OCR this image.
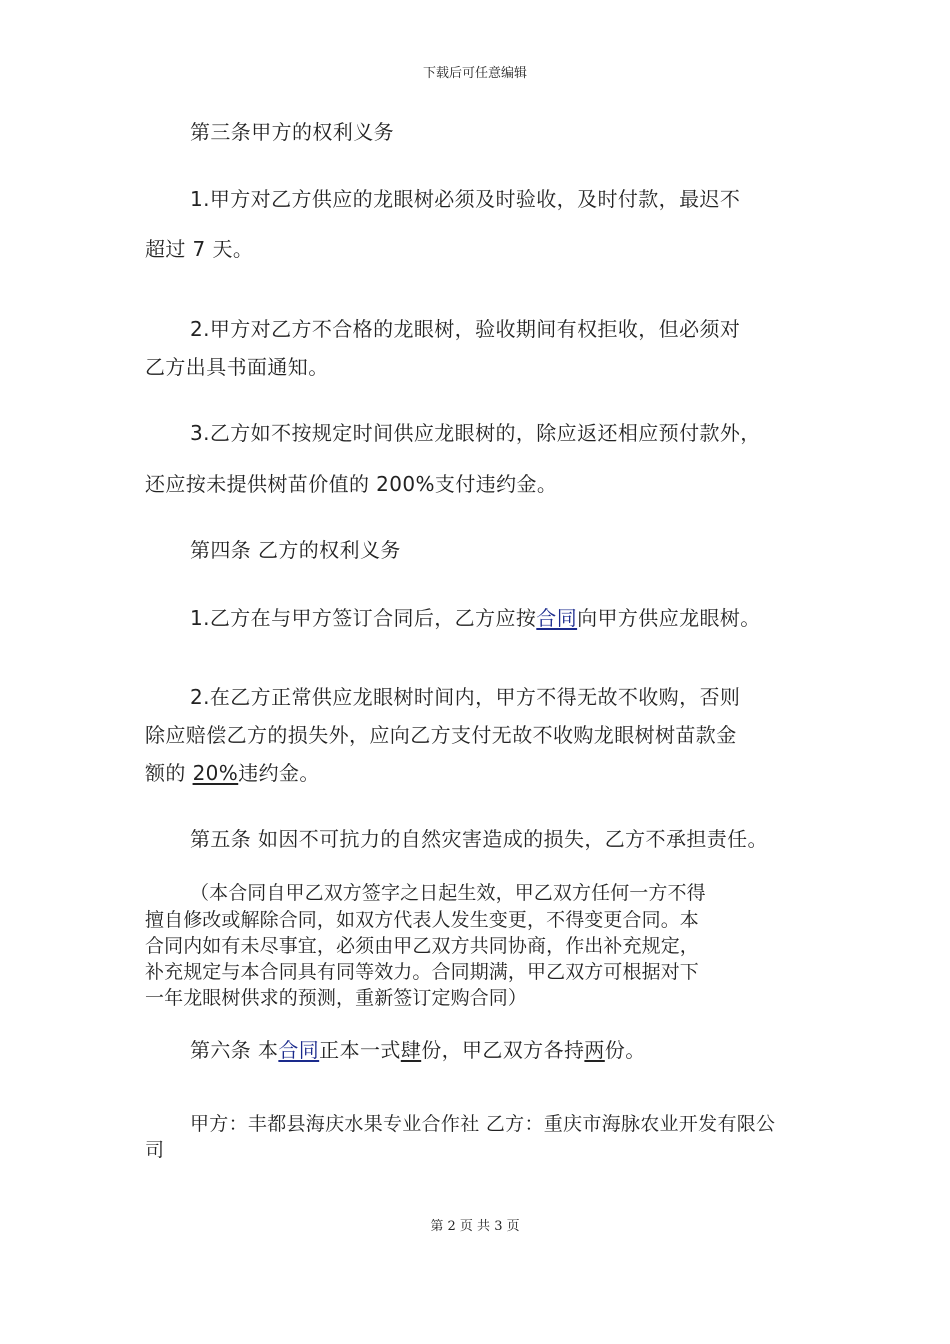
下载后可任意编辑
第三条甲方的权利义务
1.甲方对乙方供应的龙眼树必须及时验收，及时付款，最迟不
超过 7 天。
2.甲方对乙方不合格的龙眼树，验收期间有权拒收，但必须对
乙方出具书面通知。
3.乙方如不按规定时间供应龙眼树的，除应返还相应预付款外，
还应按未提供树苗价值的 200%支付违约金。
第四条 乙方的权利义务
1.乙方在与甲方签订合同后，乙方应按合同向甲方供应龙眼树。
2.在乙方正常供应龙眼树时间内，甲方不得无故不收购，否则
除应赔偿乙方的损失外，应向乙方支付无故不收购龙眼树树苗款金
额的 20%违约金。
第五条 如因不可抗力的自然灾害造成的损失，乙方不承担责任。
（本合同自甲乙双方签字之日起生效，甲乙双方任何一方不得
擅自修改或解除合同，如双方代表人发生变更，不得变更合同。本
合同内如有未尽事宜，必须由甲乙双方共同协商，作出补充规定，
补充规定与本合同具有同等效力。合同期满，甲乙双方可根据对下
一年龙眼树供求的预测，重新签订定购合同）
第六条 本合同正本一式肆份，甲乙双方各持两份。
甲方：丰都县海庆水果专业合作社 乙方：重庆市海脉农业开发有限公
司
第 2 页 共 3 页
